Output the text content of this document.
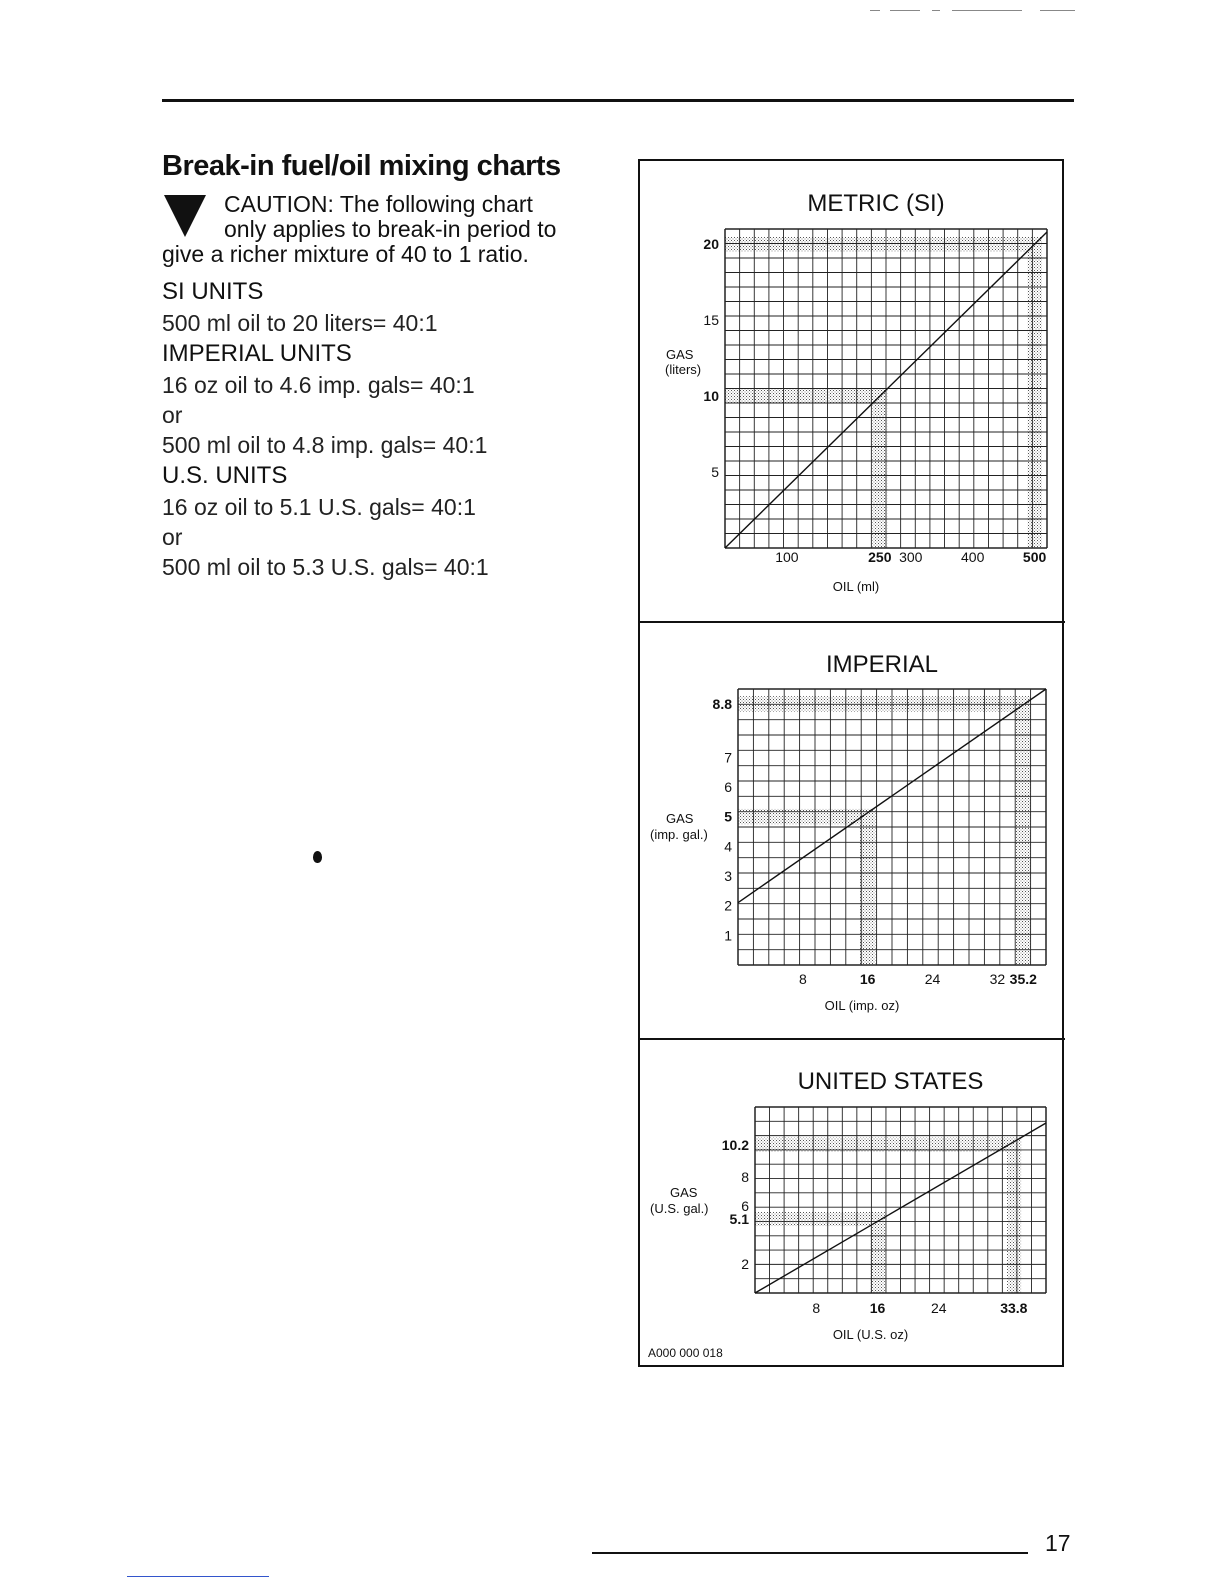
Break-in fuel/oil mixing charts
CAUTION: The following chart
only applies to break-in period to
give a richer mixture of 40 to 1 ratio.
SI UNITS
500 ml oil to 20 liters= 40:1
IMPERIAL UNITS
16 oz oil to 4.6 imp. gals= 40:1
or
500 ml oil to 4.8 imp. gals= 40:1
U.S. UNITS
16 oz oil to 5.1 U.S. gals= 40:1
or
500 ml oil to 5.3 U.S. gals= 40:1
METRIC (SI)
100	250 300	400	500
5
10
15
20
OIL (ml)
GAS
(liters)
IMPERIAL
8	16	24	32 35.2
1
2
3
4
5
6
7
8.8
OIL (imp. oz)
GAS
(imp. gal.)
UNITED STATES
8	16	24	33.8
2
5.1
6
8
10.2
OIL (U.S. oz)
GAS
(U.S. gal.)
A000 000 018
17
